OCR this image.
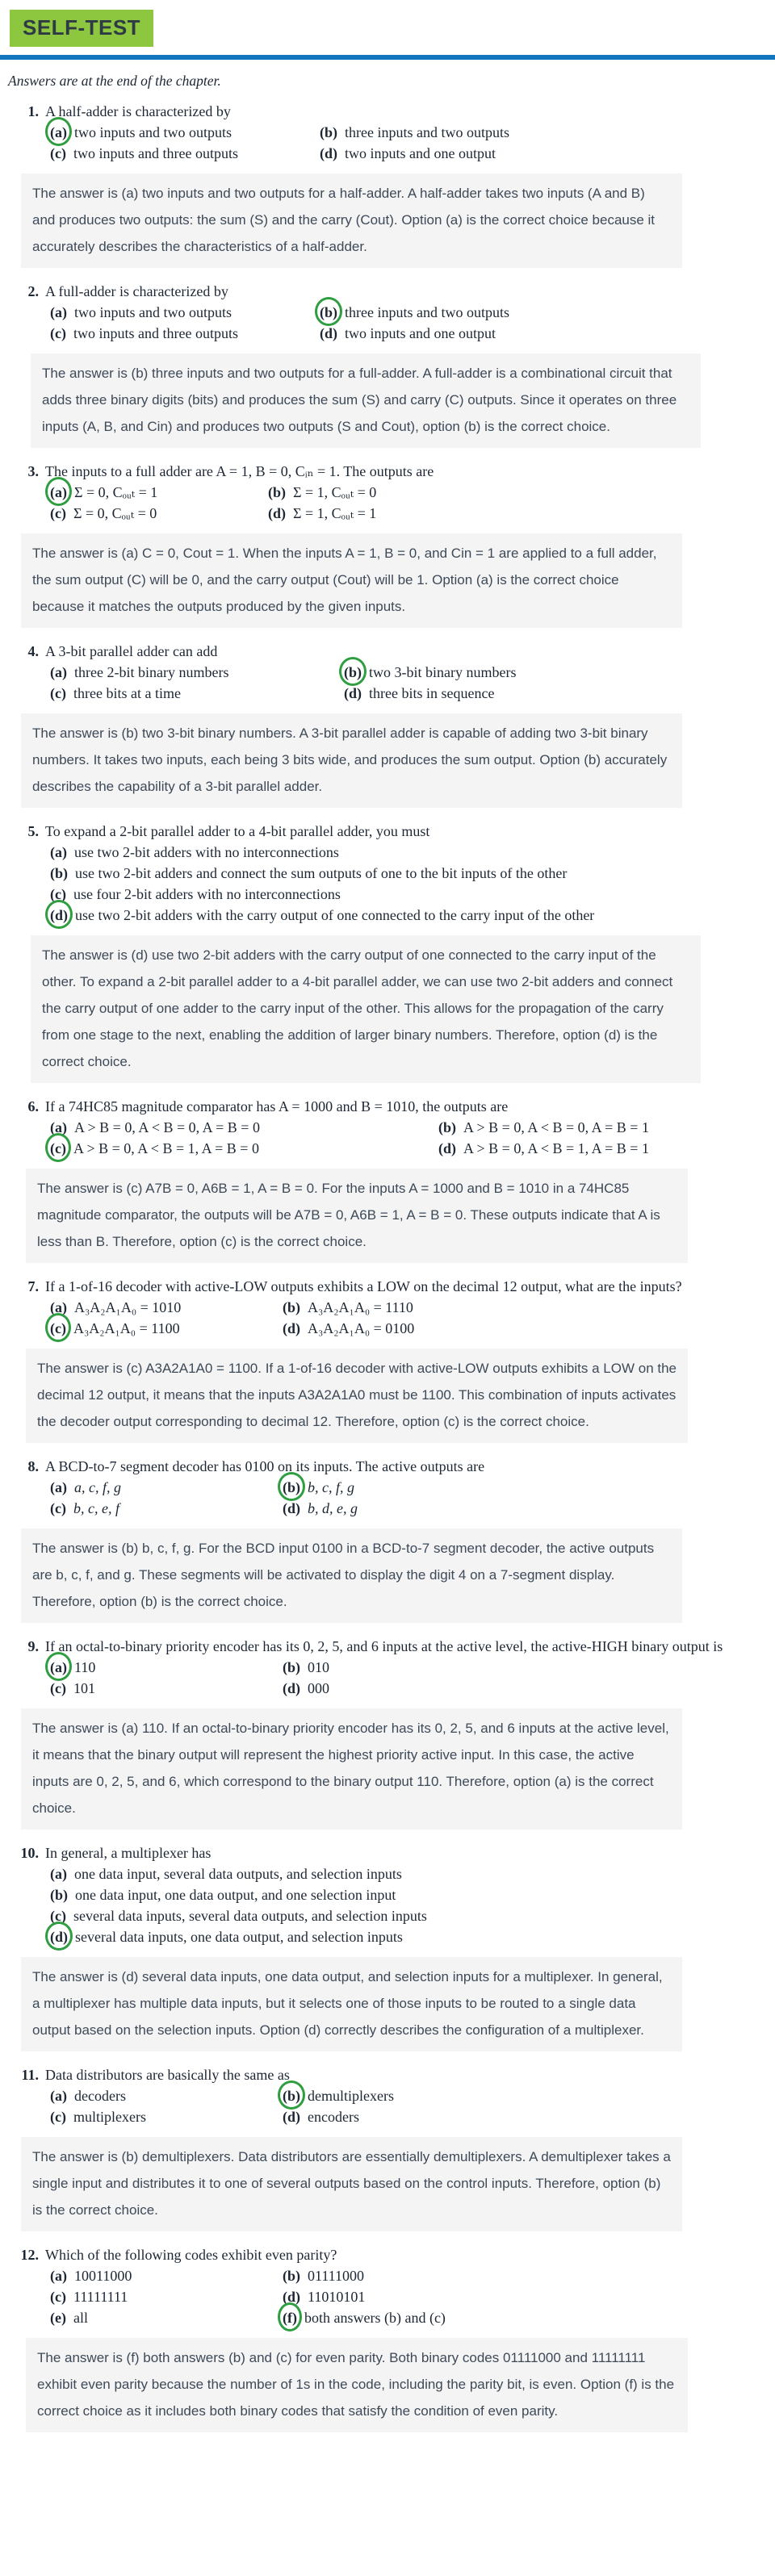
SELF-TEST
Answers are at the end of the chapter.
1. A half-adder is characterized by
(a) two inputs and two outputs	(b) three inputs and two outputs
(c) two inputs and three outputs	(d) two inputs and one output
The answer is (a) two inputs and two outputs for a half-adder. A half-adder takes two inputs (A and B) and produces two outputs: the sum (S) and the carry (Cout). Option (a) is the correct choice because it accurately describes the characteristics of a half-adder.
2. A full-adder is characterized by
(a) two inputs and two outputs	(b) three inputs and two outputs
(c) two inputs and three outputs	(d) two inputs and one output
The answer is (b) three inputs and two outputs for a full-adder. A full-adder is a combinational circuit that adds three binary digits (bits) and produces the sum (S) and carry (C) outputs. Since it operates on three inputs (A, B, and Cin) and produces two outputs (S and Cout), option (b) is the correct choice.
3. The inputs to a full adder are A = 1, B = 0, Cᵢₙ = 1. The outputs are
(a) Σ = 0, Cₒᵤₜ = 1	(b) Σ = 1, Cₒᵤₜ = 0
(c) Σ = 0, Cₒᵤₜ = 0	(d) Σ = 1, Cₒᵤₜ = 1
The answer is (a) C = 0, Cout = 1. When the inputs A = 1, B = 0, and Cin = 1 are applied to a full adder, the sum output (C) will be 0, and the carry output (Cout) will be 1. Option (a) is the correct choice because it matches the outputs produced by the given inputs.
4. A 3-bit parallel adder can add
(a) three 2-bit binary numbers	(b) two 3-bit binary numbers
(c) three bits at a time	(d) three bits in sequence
The answer is (b) two 3-bit binary numbers. A 3-bit parallel adder is capable of adding two 3-bit binary numbers. It takes two inputs, each being 3 bits wide, and produces the sum output. Option (b) accurately describes the capability of a 3-bit parallel adder.
5. To expand a 2-bit parallel adder to a 4-bit parallel adder, you must
(a) use two 2-bit adders with no interconnections
(b) use two 2-bit adders and connect the sum outputs of one to the bit inputs of the other
(c) use four 2-bit adders with no interconnections
(d) use two 2-bit adders with the carry output of one connected to the carry input of the other
The answer is (d) use two 2-bit adders with the carry output of one connected to the carry input of the other. To expand a 2-bit parallel adder to a 4-bit parallel adder, we can use two 2-bit adders and connect the carry output of one adder to the carry input of the other. This allows for the propagation of the carry from one stage to the next, enabling the addition of larger binary numbers. Therefore, option (d) is the correct choice.
6. If a 74HC85 magnitude comparator has A = 1000 and B = 1010, the outputs are
(a) A > B = 0, A < B = 0, A = B = 0	(b) A > B = 0, A < B = 0, A = B = 1
(c) A > B = 0, A < B = 1, A = B = 0	(d) A > B = 0, A < B = 1, A = B = 1
The answer is (c) A7B = 0, A6B = 1, A = B = 0. For the inputs A = 1000 and B = 1010 in a 74HC85 magnitude comparator, the outputs will be A7B = 0, A6B = 1, A = B = 0. These outputs indicate that A is less than B. Therefore, option (c) is the correct choice.
7. If a 1-of-16 decoder with active-LOW outputs exhibits a LOW on the decimal 12 output, what are the inputs?
(a) A₃A₂A₁A₀ = 1010	(b) A₃A₂A₁A₀ = 1110
(c) A₃A₂A₁A₀ = 1100	(d) A₃A₂A₁A₀ = 0100
The answer is (c) A3A2A1A0 = 1100. If a 1-of-16 decoder with active-LOW outputs exhibits a LOW on the decimal 12 output, it means that the inputs A3A2A1A0 must be 1100. This combination of inputs activates the decoder output corresponding to decimal 12. Therefore, option (c) is the correct choice.
8. A BCD-to-7 segment decoder has 0100 on its inputs. The active outputs are
(a) a, c, f, g	(b) b, c, f, g
(c) b, c, e, f	(d) b, d, e, g
The answer is (b) b, c, f, g. For the BCD input 0100 in a BCD-to-7 segment decoder, the active outputs are b, c, f, and g. These segments will be activated to display the digit 4 on a 7-segment display. Therefore, option (b) is the correct choice.
9. If an octal-to-binary priority encoder has its 0, 2, 5, and 6 inputs at the active level, the active-HIGH binary output is
(a) 110	(b) 010
(c) 101	(d) 000
The answer is (a) 110. If an octal-to-binary priority encoder has its 0, 2, 5, and 6 inputs at the active level, it means that the binary output will represent the highest priority active input. In this case, the active inputs are 0, 2, 5, and 6, which correspond to the binary output 110. Therefore, option (a) is the correct choice.
10. In general, a multiplexer has
(a) one data input, several data outputs, and selection inputs
(b) one data input, one data output, and one selection input
(c) several data inputs, several data outputs, and selection inputs
(d) several data inputs, one data output, and selection inputs
The answer is (d) several data inputs, one data output, and selection inputs for a multiplexer. In general, a multiplexer has multiple data inputs, but it selects one of those inputs to be routed to a single data output based on the selection inputs. Option (d) correctly describes the configuration of a multiplexer.
11. Data distributors are basically the same as
(a) decoders	(b) demultiplexers
(c) multiplexers	(d) encoders
The answer is (b) demultiplexers. Data distributors are essentially demultiplexers. A demultiplexer takes a single input and distributes it to one of several outputs based on the control inputs. Therefore, option (b) is the correct choice.
12. Which of the following codes exhibit even parity?
(a) 10011000	(b) 01111000
(c) 11111111	(d) 11010101
(e) all	(f) both answers (b) and (c)
The answer is (f) both answers (b) and (c) for even parity. Both binary codes 01111000 and 11111111 exhibit even parity because the number of 1s in the code, including the parity bit, is even. Option (f) is the correct choice as it includes both binary codes that satisfy the condition of even parity.
